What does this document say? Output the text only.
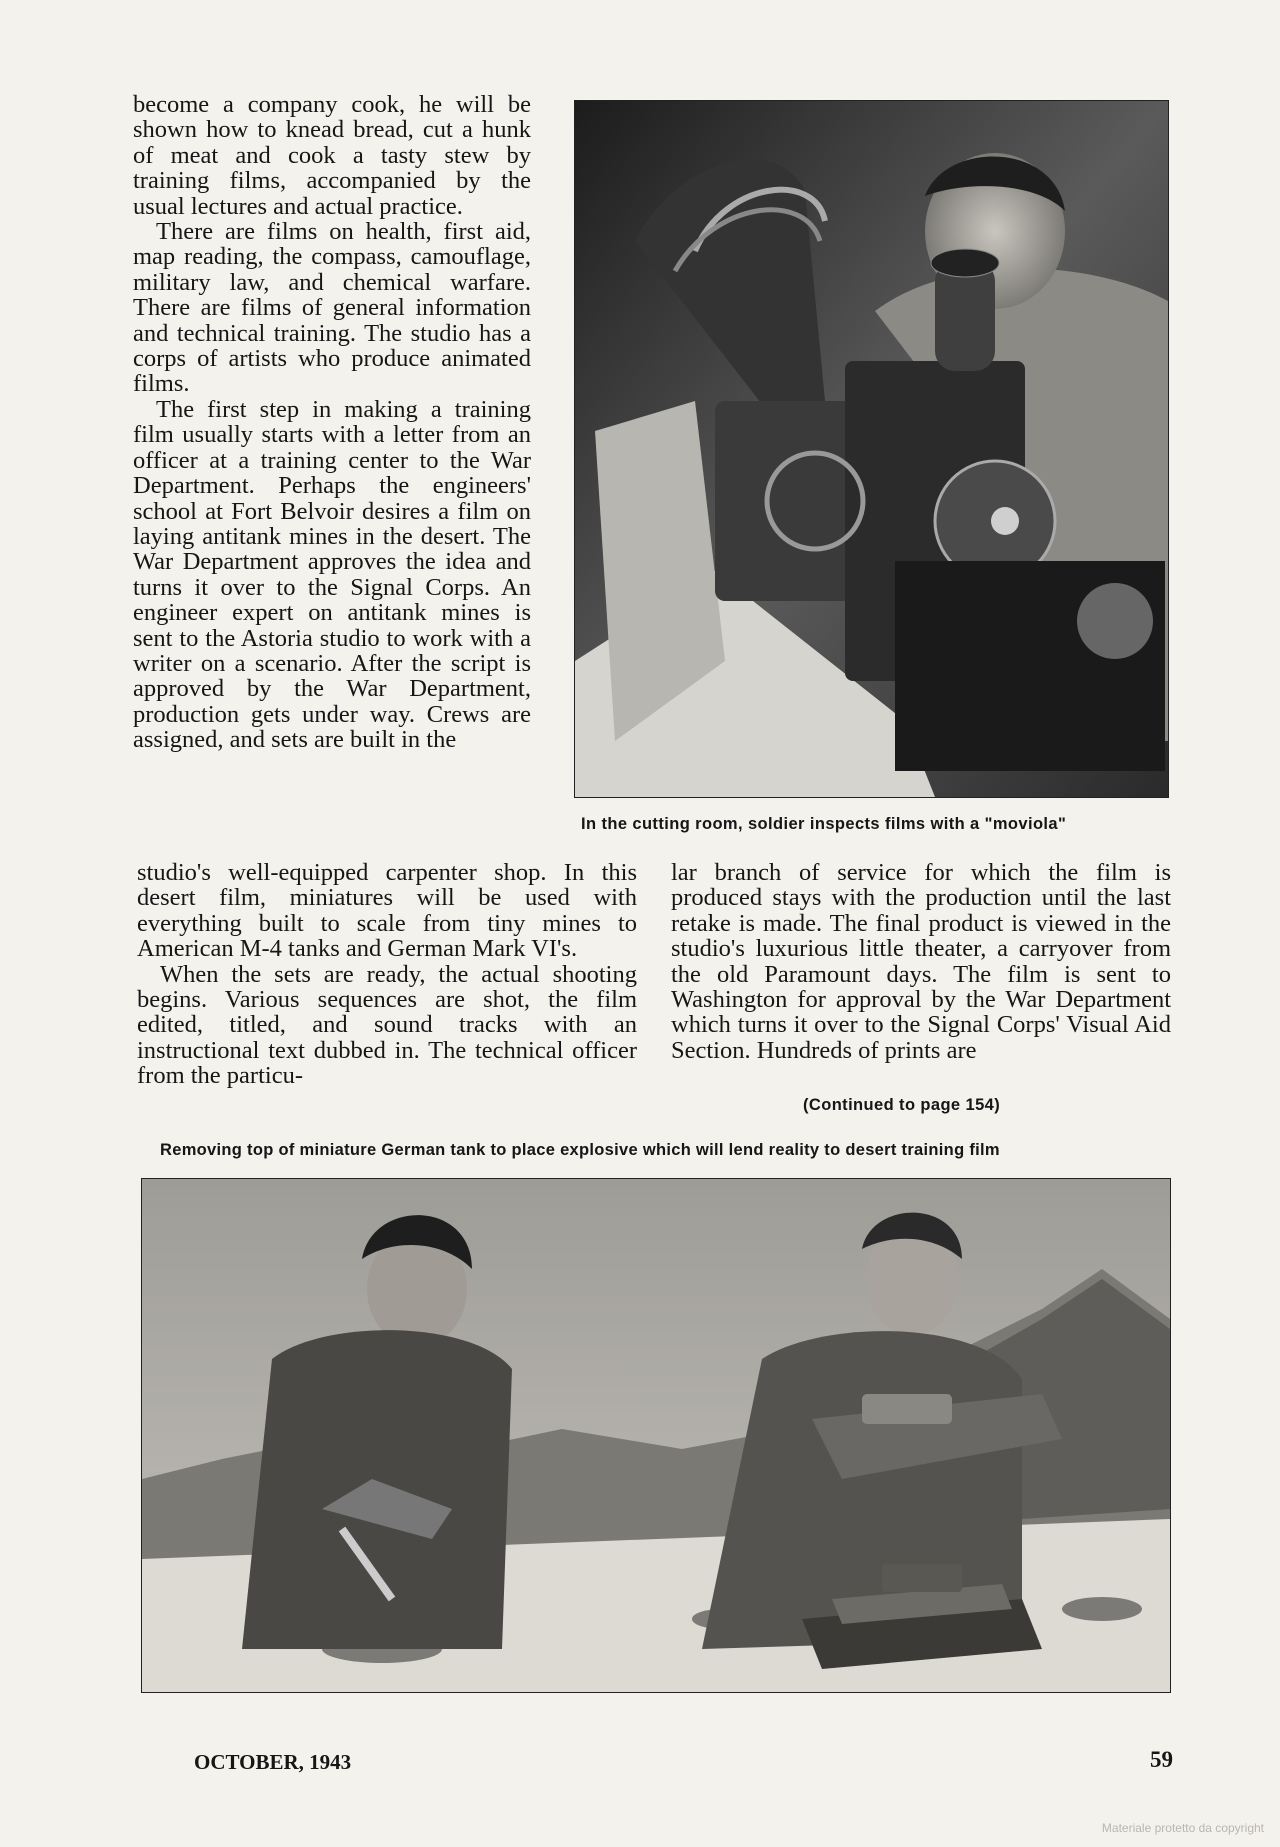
become a company cook, he will be shown how to knead bread, cut a hunk of meat and cook a tasty stew by training films, accompanied by the usual lectures and actual practice.

There are films on health, first aid, map reading, the compass, camouflage, military law, and chemical warfare. There are films of general information and technical training. The studio has a corps of artists who produce animated films.

The first step in making a training film usually starts with a letter from an officer at a training center to the War Department. Perhaps the engineers' school at Fort Belvoir desires a film on laying antitank mines in the desert. The War Department approves the idea and turns it over to the Signal Corps. An engineer expert on antitank mines is sent to the Astoria studio to work with a writer on a scenario. After the script is approved by the War Department, production gets under way. Crews are assigned, and sets are built in the

In the cutting room, soldier inspects films with a "moviola"

studio's well-equipped carpenter shop. In this desert film, miniatures will be used with everything built to scale from tiny mines to American M-4 tanks and German Mark VI's.

When the sets are ready, the actual shooting begins. Various sequences are shot, the film edited, titled, and sound tracks with an instructional text dubbed in. The technical officer from the particu-

lar branch of service for which the film is produced stays with the production until the last retake is made. The final product is viewed in the studio's luxurious little theater, a carryover from the old Paramount days. The film is sent to Washington for approval by the War Department which turns it over to the Signal Corps' Visual Aid Section. Hundreds of prints are

(Continued to page 154)
Removing top of miniature German tank to place explosive which will lend reality to desert training film
OCTOBER, 1943	59
Materiale protetto da copyright
